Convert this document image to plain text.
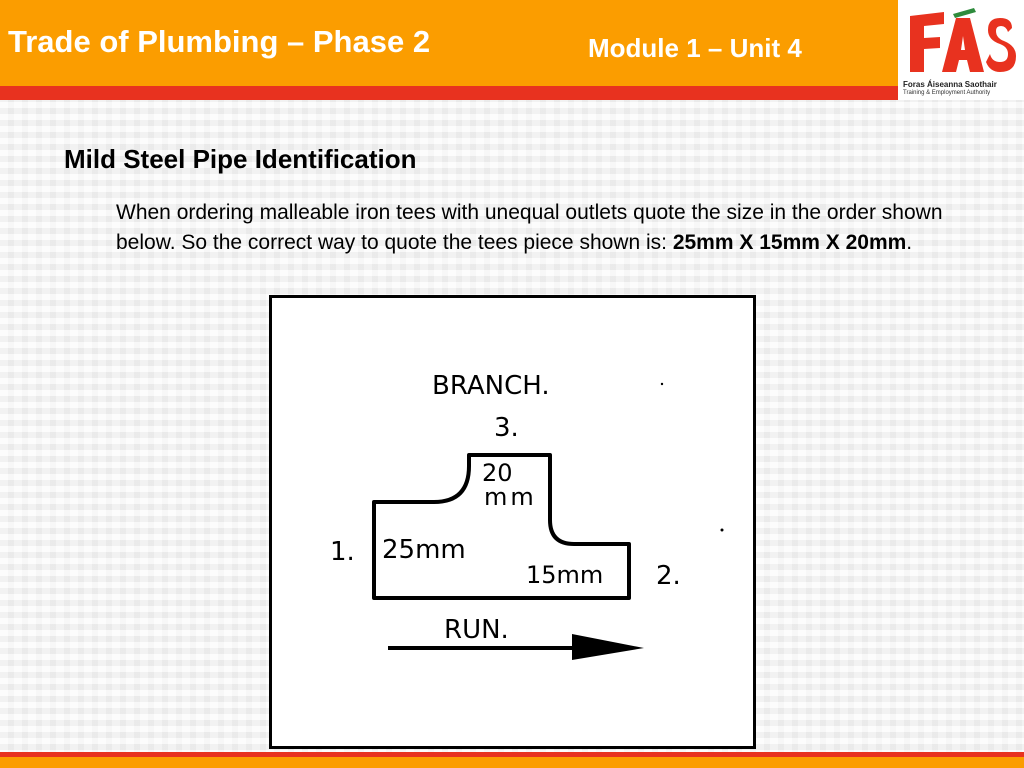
Trade of Plumbing – Phase 2	Module 1 – Unit 4
Foras Áiseanna Saothair
Training & Employment Authority
Mild Steel Pipe Identification
When ordering malleable iron tees with unequal outlets quote the size in the order shown below. So the correct way to quote the tees piece shown is: 25mm X 15mm X 20mm.
BRANCH.
3.
20
mm
1. 25mm
15mm 2.
RUN.
